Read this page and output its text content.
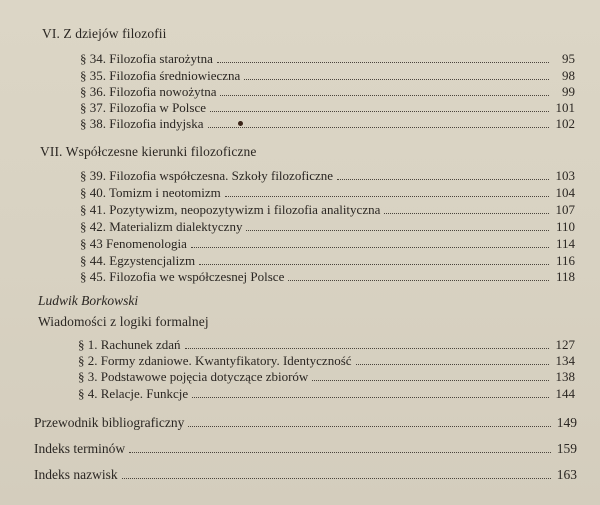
VI. Z dziejów filozofii
§ 34. Filozofia starożytna	95
§ 35. Filozofia średniowieczna	98
§ 36. Filozofia nowożytna	99
§ 37. Filozofia w Polsce	101
§ 38. Filozofia indyjska	102
VII. Współczesne kierunki filozoficzne
§ 39. Filozofia współczesna. Szkoły filozoficzne	103
§ 40. Tomizm i neotomizm	104
§ 41. Pozytywizm, neopozytywizm i filozofia analityczna	107
§ 42. Materializm dialektyczny	110
§ 43 Fenomenologia	114
§ 44. Egzystencjalizm	116
§ 45. Filozofia we współczesnej Polsce	118
Ludwik Borkowski
Wiadomości z logiki formalnej
§ 1. Rachunek zdań	127
§ 2. Formy zdaniowe. Kwantyfikatory. Identyczność	134
§ 3. Podstawowe pojęcia dotyczące zbiorów	138
§ 4. Relacje. Funkcje	144
Przewodnik bibliograficzny	149
Indeks terminów	159
Indeks nazwisk	163
